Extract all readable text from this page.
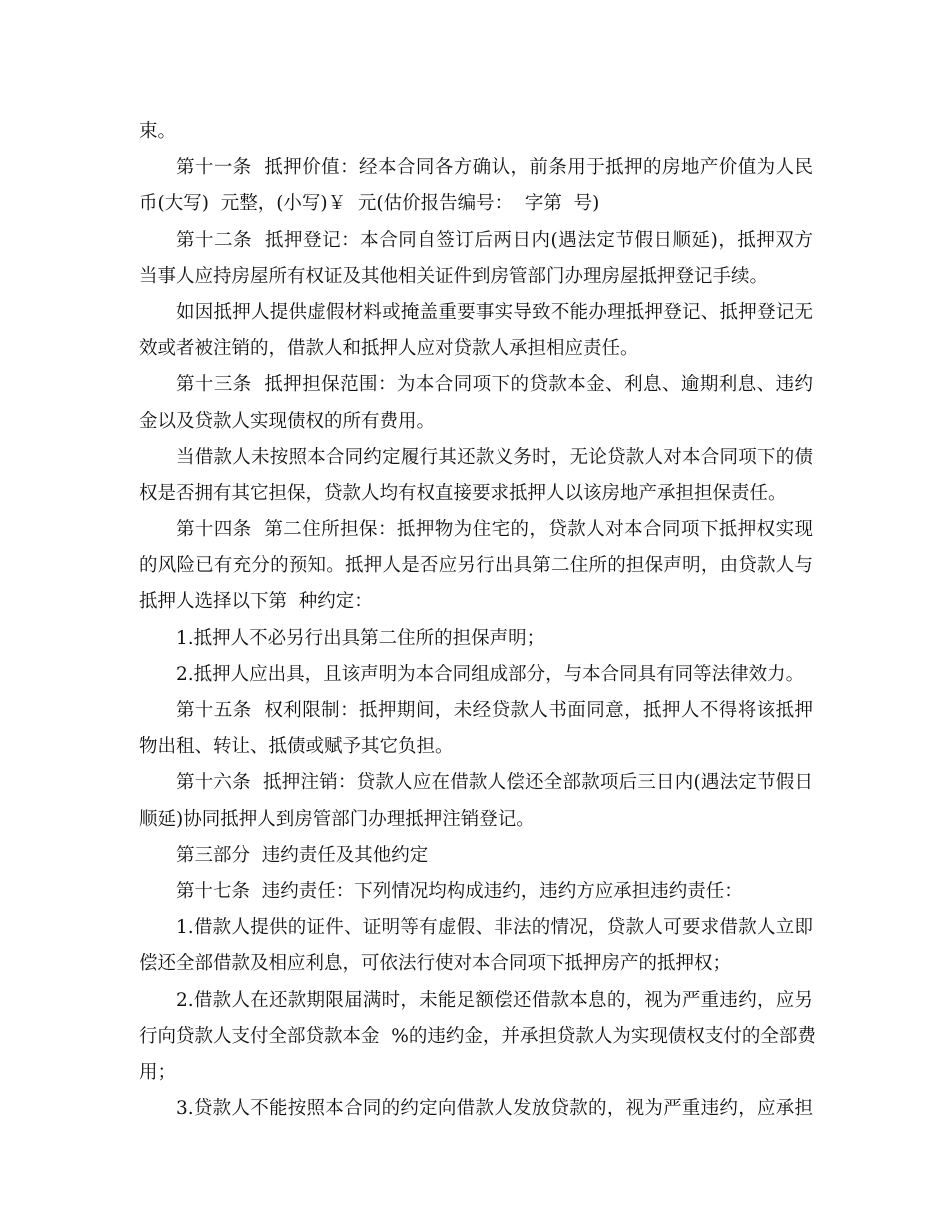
束。
第十一条  抵押价值：经本合同各方确认，前条用于抵押的房地产价值为人民
币(大写)  元整，(小写)￥  元(估价报告编号：  字第  号)
第十二条  抵押登记：本合同自签订后两日内(遇法定节假日顺延)，抵押双方
当事人应持房屋所有权证及其他相关证件到房管部门办理房屋抵押登记手续。
如因抵押人提供虚假材料或掩盖重要事实导致不能办理抵押登记、抵押登记无
效或者被注销的，借款人和抵押人应对贷款人承担相应责任。
第十三条  抵押担保范围：为本合同项下的贷款本金、利息、逾期利息、违约
金以及贷款人实现债权的所有费用。
当借款人未按照本合同约定履行其还款义务时，无论贷款人对本合同项下的债
权是否拥有其它担保，贷款人均有权直接要求抵押人以该房地产承担担保责任。
第十四条  第二住所担保：抵押物为住宅的，贷款人对本合同项下抵押权实现
的风险已有充分的预知。抵押人是否应另行出具第二住所的担保声明，由贷款人与
抵押人选择以下第  种约定：
1.抵押人不必另行出具第二住所的担保声明；
2.抵押人应出具，且该声明为本合同组成部分，与本合同具有同等法律效力。
第十五条  权利限制：抵押期间，未经贷款人书面同意，抵押人不得将该抵押
物出租、转让、抵债或赋予其它负担。
第十六条  抵押注销：贷款人应在借款人偿还全部款项后三日内(遇法定节假日
顺延)协同抵押人到房管部门办理抵押注销登记。
第三部分  违约责任及其他约定
第十七条  违约责任：下列情况均构成违约，违约方应承担违约责任：
1.借款人提供的证件、证明等有虚假、非法的情况，贷款人可要求借款人立即
偿还全部借款及相应利息，可依法行使对本合同项下抵押房产的抵押权；
2.借款人在还款期限届满时，未能足额偿还借款本息的，视为严重违约，应另
行向贷款人支付全部贷款本金  %的违约金，并承担贷款人为实现债权支付的全部费
用；
3.贷款人不能按照本合同的约定向借款人发放贷款的，视为严重违约，应承担
